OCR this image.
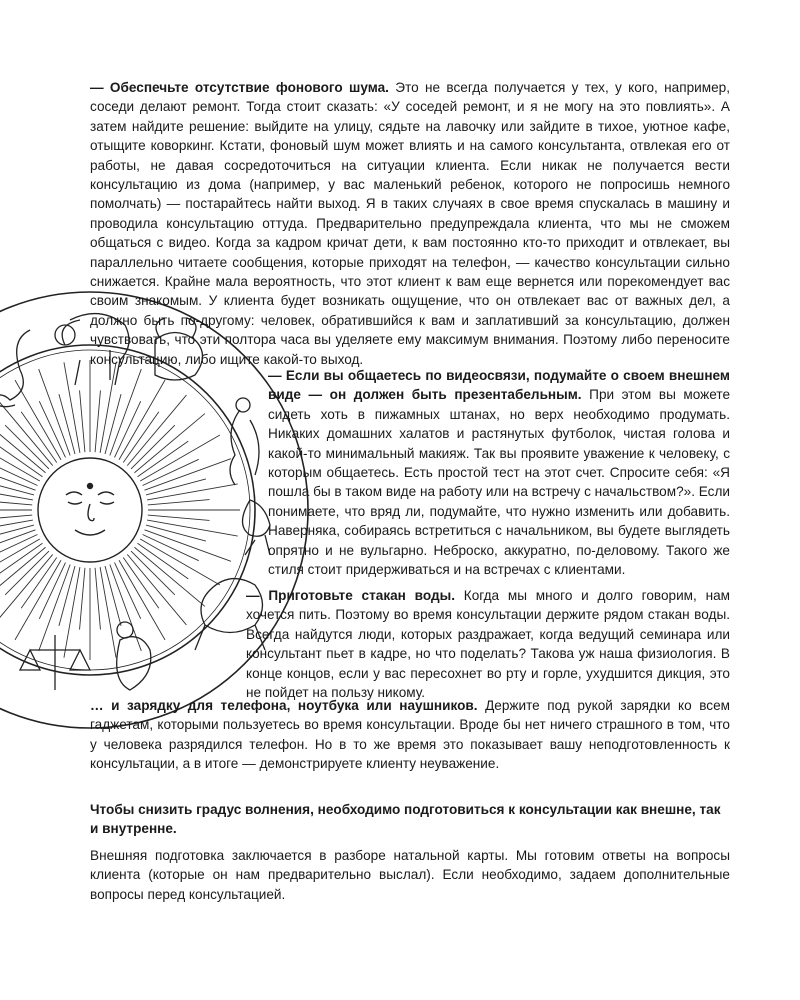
— Обеспечьте отсутствие фонового шума. Это не всегда получается у тех, у кого, например, соседи делают ремонт. Тогда стоит сказать: «У соседей ремонт, и я не могу на это повлиять». А затем найдите решение: выйдите на улицу, сядьте на лавочку или зайдите в тихое, уютное кафе, отыщите коворкинг. Кстати, фоновый шум может влиять и на самого консультанта, отвлекая его от работы, не давая сосредоточиться на ситуации клиента. Если никак не получается вести консультацию из дома (например, у вас маленький ребенок, которого не попросишь немного помолчать) — постарайтесь найти выход. Я в таких случаях в свое время спускалась в машину и проводила консультацию оттуда. Предварительно предупреждала клиента, что мы не сможем общаться с видео. Когда за кадром кричат дети, к вам постоянно кто-то приходит и отвлекает, вы параллельно читаете сообщения, которые приходят на телефон, — качество консультации сильно снижается. Крайне мала вероятность, что этот клиент к вам еще вернется или порекомендует вас своим знакомым. У клиента будет возникать ощущение, что он отвлекает вас от важных дел, а должно быть по-другому: человек, обратившийся к вам и заплативший за консультацию, должен чувствовать, что эти полтора часа вы уделяете ему максимум внимания. Поэтому либо переносите консультацию, либо ищите какой-то выход.

— Если вы общаетесь по видеосвязи, подумайте о своем внешнем виде — он должен быть презентабельным. При этом вы можете сидеть хоть в пижамных штанах, но верх необходимо продумать. Никаких домашних халатов и растянутых футболок, чистая голова и какой-то минимальный макияж. Так вы проявите уважение к человеку, с которым общаетесь. Есть простой тест на этот счет. Спросите себя: «Я пошла бы в таком виде на работу или на встречу с начальством?». Если понимаете, что вряд ли, подумайте, что нужно изменить или добавить. Наверняка, собираясь встретиться с начальником, вы будете выглядеть опрятно и не вульгарно. Неброско, аккуратно, по-деловому. Такого же стиля стоит придерживаться и на встречах с клиентами.

— Приготовьте стакан воды. Когда мы много и долго говорим, нам хочется пить. Поэтому во время консультации держите рядом стакан воды. Всегда найдутся люди, которых раздражает, когда ведущий семинара или консультант пьет в кадре, но что поделать? Такова уж наша физиология. В конце концов, если у вас пересохнет во рту и горле, ухудшится дикция, это не пойдет на пользу никому.

… и зарядку для телефона, ноутбука или наушников. Держите под рукой зарядки ко всем гаджетам, которыми пользуетесь во время консультации. Вроде бы нет ничего страшного в том, что у человека разрядился телефон. Но в то же время это показывает вашу неподготовленность к консультации, а в итоге — демонстрируете клиенту неуважение.

Чтобы снизить градус волнения, необходимо подготовиться к консультации как внешне, так и внутренне.

Внешняя подготовка заключается в разборе натальной карты. Мы готовим ответы на вопросы клиента (которые он нам предварительно выслал). Если необходимо, задаем дополнительные вопросы перед консультацией.
